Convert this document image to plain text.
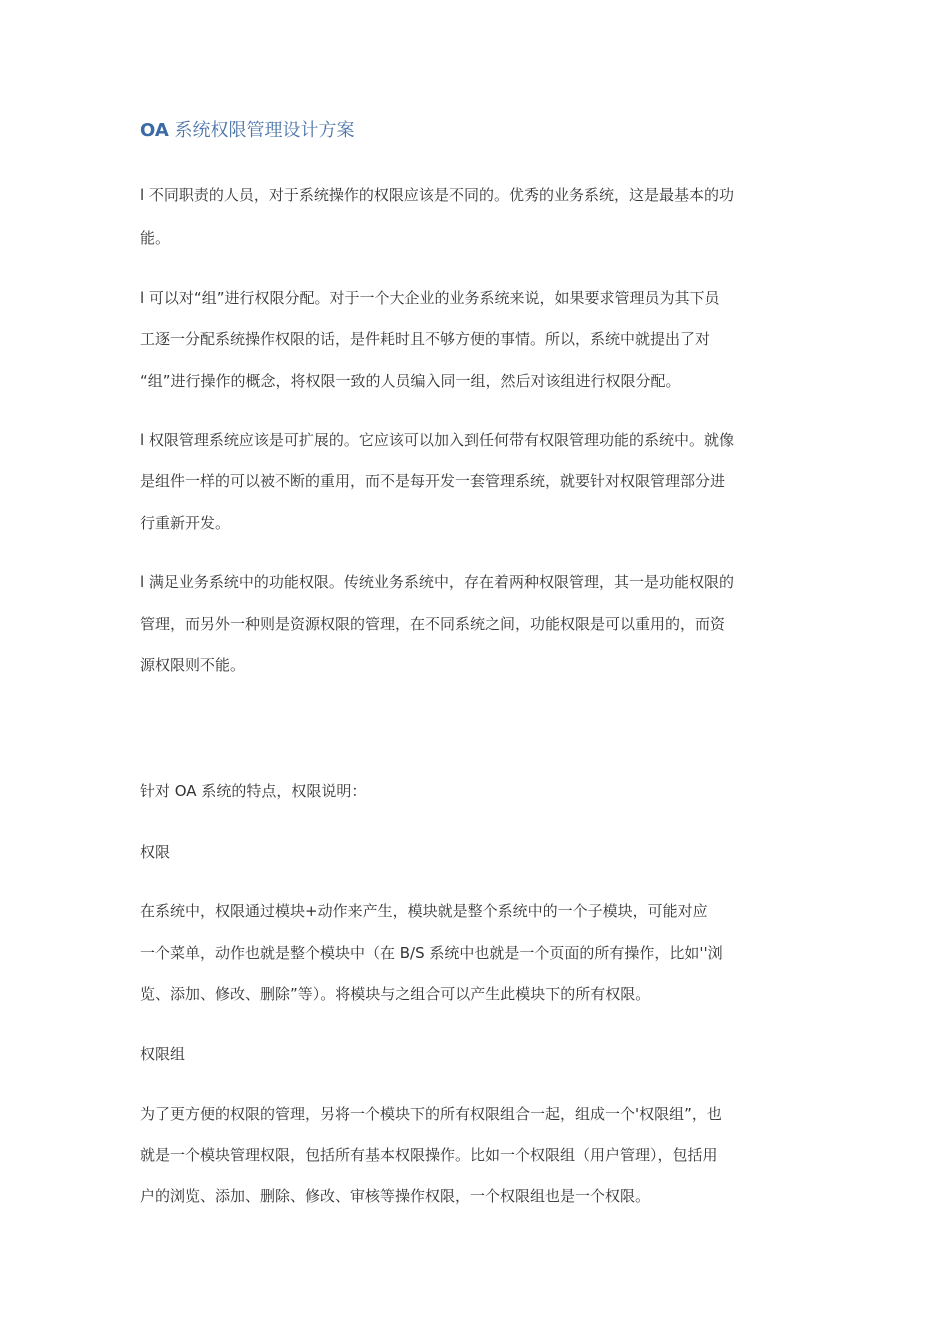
OA 系统权限管理设计方案
l 不同职责的人员，对于系统操作的权限应该是不同的。优秀的业务系统，这是最基本的功
能。
l 可以对“组”进行权限分配。对于一个大企业的业务系统来说，如果要求管理员为其下员
工逐一分配系统操作权限的话，是件耗时且不够方便的事情。所以，系统中就提出了对
“组”进行操作的概念，将权限一致的人员编入同一组，然后对该组进行权限分配。
l 权限管理系统应该是可扩展的。它应该可以加入到任何带有权限管理功能的系统中。就像
是组件一样的可以被不断的重用，而不是每开发一套管理系统，就要针对权限管理部分进
行重新开发。
l 满足业务系统中的功能权限。传统业务系统中，存在着两种权限管理，其一是功能权限的
管理，而另外一种则是资源权限的管理，在不同系统之间，功能权限是可以重用的，而资
源权限则不能。
针对 OA 系统的特点，权限说明：
权限
在系统中，权限通过模块+动作来产生，模块就是整个系统中的一个子模块，可能对应
一个菜单，动作也就是整个模块中（在 B/S 系统中也就是一个页面的所有操作，比如''浏
览、添加、修改、删除”等）。将模块与之组合可以产生此模块下的所有权限。
权限组
为了更方便的权限的管理，另将一个模块下的所有权限组合一起，组成一个'权限组”，也
就是一个模块管理权限，包括所有基本权限操作。比如一个权限组（用户管理），包括用
户的浏览、添加、删除、修改、审核等操作权限，一个权限组也是一个权限。
